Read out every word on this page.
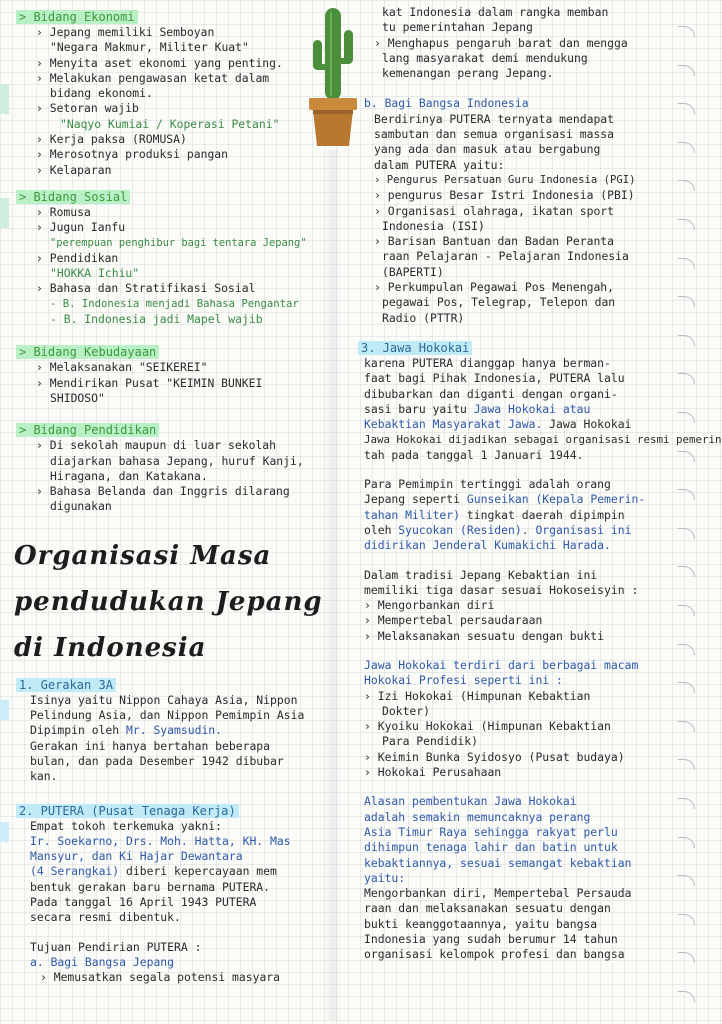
> Bidang Ekonomi
› Jepang memiliki Semboyan
"Negara Makmur, Militer Kuat"
› Menyita aset ekonomi yang penting.
› Melakukan pengawasan ketat dalam
bidang ekonomi.
› Setoran wajib
"Naqyo Kumiai / Koperasi Petani"
› Kerja paksa (ROMUSA)
› Merosotnya produksi pangan
› Kelaparan
> Bidang Sosial
› Romusa
› Jugun Ianfu
"perempuan penghibur bagi tentara Jepang"
› Pendidikan
"HOKKA Ichiu"
› Bahasa dan Stratifikasi Sosial
- B. Indonesia menjadi Bahasa Pengantar
- B. Indonesia jadi Mapel wajib
> Bidang Kebudayaan
› Melaksanakan "SEIKEREI"
› Mendirikan Pusat "KEIMIN BUNKEI
SHIDOSO"
> Bidang Pendidikan
› Di sekolah maupun di luar sekolah
diajarkan bahasa Jepang, huruf Kanji,
Hiragana, dan Katakana.
› Bahasa Belanda dan Inggris dilarang
digunakan
Organisasi Masa
pendudukan Jepang
di Indonesia
1. Gerakan 3A
Isinya yaitu Nippon Cahaya Asia, Nippon
Pelindung Asia, dan Nippon Pemimpin Asia
Dipimpin oleh Mr. Syamsudin.
Gerakan ini hanya bertahan beberapa
bulan, dan pada Desember 1942 dibubar
kan.
2. PUTERA (Pusat Tenaga Kerja)
Empat tokoh terkemuka yakni:
Ir. Soekarno, Drs. Moh. Hatta, KH. Mas
Mansyur, dan Ki Hajar Dewantara
(4 Serangkai) diberi kepercayaan mem
bentuk gerakan baru bernama PUTERA.
Pada tanggal 16 April 1943 PUTERA
secara resmi dibentuk.
Tujuan Pendirian PUTERA :
a. Bagi Bangsa Jepang
› Memusatkan segala potensi masyara
kat Indonesia dalam rangka memban
tu pemerintahan Jepang
› Menghapus pengaruh barat dan mengga
lang masyarakat demi mendukung
kemenangan perang Jepang.
b. Bagi Bangsa Indonesia
Berdirinya PUTERA ternyata mendapat
sambutan dan semua organisasi massa
yang ada dan masuk atau bergabung
dalam PUTERA yaitu:
› Pengurus Persatuan Guru Indonesia (PGI)
› pengurus Besar Istri Indonesia (PBI)
› Organisasi olahraga, ikatan sport
Indonesia (ISI)
› Barisan Bantuan dan Badan Peranta
raan Pelajaran - Pelajaran Indonesia
(BAPERTI)
› Perkumpulan Pegawai Pos Menengah,
pegawai Pos, Telegrap, Telepon dan
Radio (PTTR)
3. Jawa Hokokai
karena PUTERA dianggap hanya berman-
faat bagi Pihak Indonesia, PUTERA lalu
dibubarkan dan diganti dengan organi-
sasi baru yaitu Jawa Hokokai atau
Kebaktian Masyarakat Jawa. Jawa Hokokai
Jawa Hokokai dijadikan sebagai organisasi resmi pemerin
tah pada tanggal 1 Januari 1944.
Para Pemimpin tertinggi adalah orang
Jepang seperti Gunseikan (Kepala Pemerin-
tahan Militer) tingkat daerah dipimpin
oleh Syucokan (Residen). Organisasi ini
didirikan Jenderal Kumakichi Harada.
Dalam tradisi Jepang Kebaktian ini
memiliki tiga dasar sesuai Hokoseisyin :
› Mengorbankan diri
› Mempertebal persaudaraan
› Melaksanakan sesuatu dengan bukti
Jawa Hokokai terdiri dari berbagai macam
Hokokai Profesi seperti ini :
› Izi Hokokai (Himpunan Kebaktian
Dokter)
› Kyoiku Hokokai (Himpunan Kebaktian
Para Pendidik)
› Keimin Bunka Syidosyo (Pusat budaya)
› Hokokai Perusahaan
Alasan pembentukan Jawa Hokokai
adalah semakin memuncaknya perang
Asia Timur Raya sehingga rakyat perlu
dihimpun tenaga lahir dan batin untuk
kebaktiannya, sesuai semangat kebaktian
yaitu:
Mengorbankan diri, Mempertebal Persauda
raan dan melaksanakan sesuatu dengan
bukti keanggotaannya, yaitu bangsa
Indonesia yang sudah berumur 14 tahun
organisasi kelompok profesi dan bangsa
